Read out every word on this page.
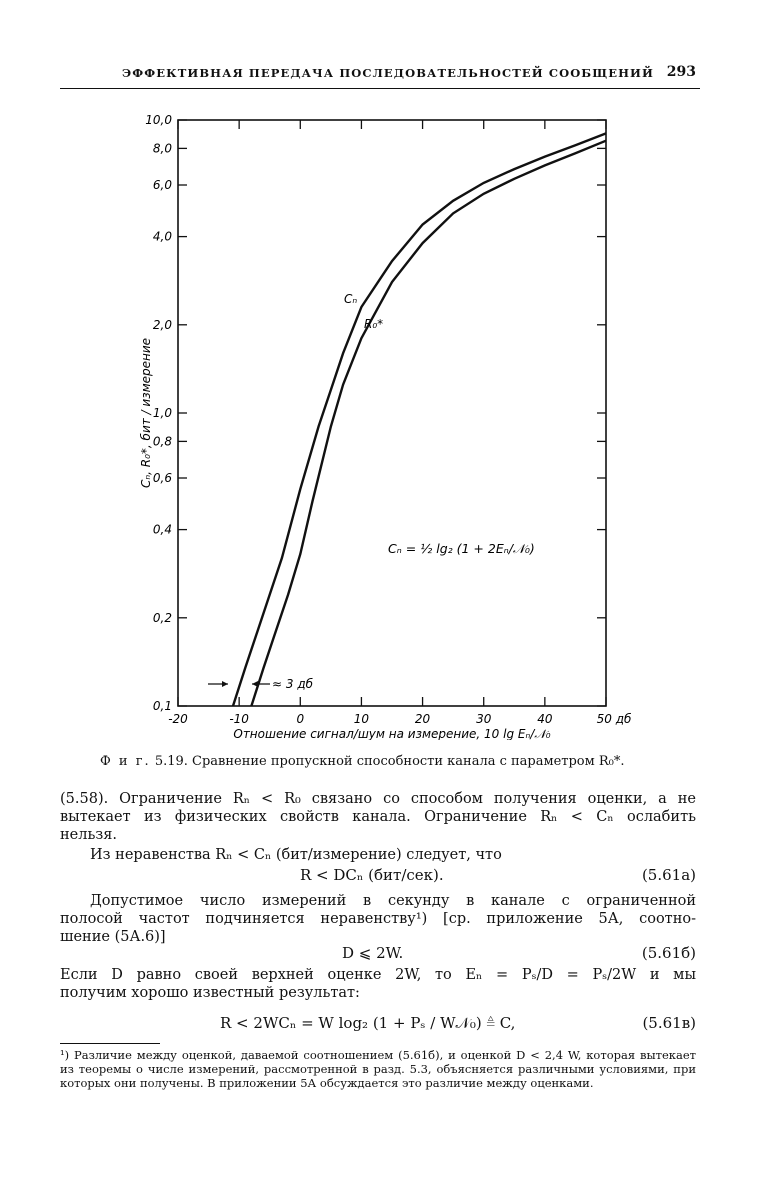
ЭФФЕКТИВНАЯ ПЕРЕДАЧА ПОСЛЕДОВАТЕЛЬНОСТЕЙ СООБЩЕНИЙ 293
0,1
0,2
0,4
0,6
0,8
1,0
2,0
4,0
6,0
8,0
10,0
-20	-10	0	10	20	30	40	50 дб
Cₙ
R₀*
Cₙ = ½ lg₂ (1 + 2Eₙ/𝒩₀)
≈ 3 дб
Отношение сигнал/шум на измерение, 10 lg Eₙ/𝒩₀
Cₙ, R₀*, бит / измерение
Ф и г. 5.19. Сравнение пропускной способности канала с параметром R₀*.
(5.58). Ограничение Rₙ < R₀ связано со способом получения оценки, а не
вытекает из физических свойств канала. Ограничение Rₙ < Cₙ ослабить
нельзя.
Из неравенства Rₙ < Cₙ (бит/измерение) следует, что
R < DCₙ (бит/сек).	(5.61а)
Допустимое число измерений в секунду в канале с ограниченной
полосой частот подчиняется неравенству¹) [ср. приложение 5А, соотно-
шение (5А.6)]
D ⩽ 2W.	(5.61б)
Если D равно своей верхней оценке 2W, то Eₙ = Pₛ/D = Pₛ/2W и мы
получим хорошо известный результат:
R < 2WCₙ = W log₂ (1 + Pₛ / W𝒩₀) ≜ C,	(5.61в)
¹) Различие между оценкой, даваемой соотношением (5.61б), и оценкой D < 2,4 W, которая вытекает из теоремы о числе измерений, рассмотренной в разд. 5.3, объясняется различными условиями, при которых они получены. В приложении 5А обсуждается это различие между оценками.
